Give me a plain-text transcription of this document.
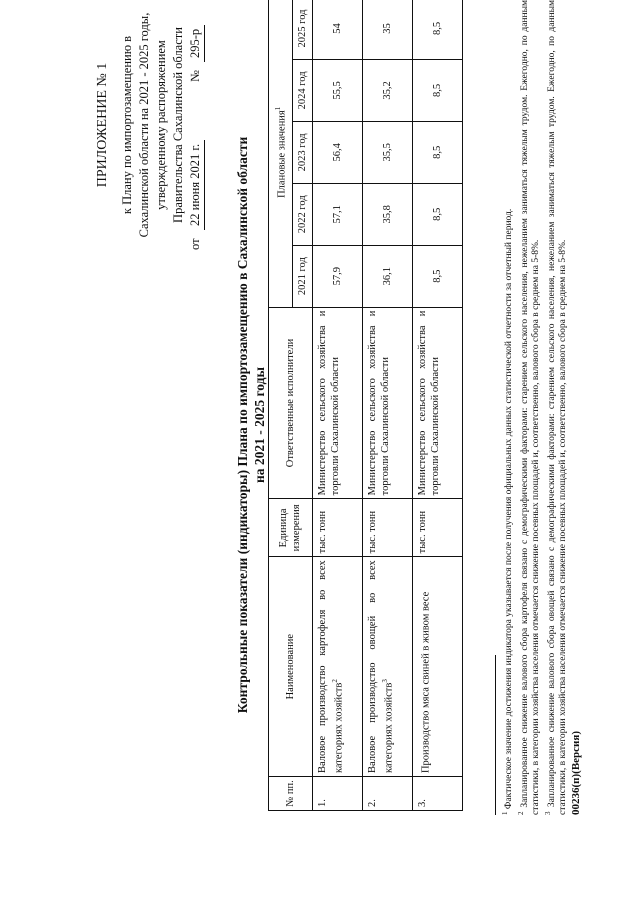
ПРИЛОЖЕНИЕ № 1 к Плану по импортозамещению в Сахалинской области на 2021 - 2025 годы, утвержденному распоряжением Правительства Сахалинской области
от
22 июня 2021 г.
№
295-р
Контрольные показатели (индикаторы) Плана по импортозамещению в Сахалинской области на 2021 - 2025 годы
№ пп.	Наименование	Единица измерения	Ответственные исполнители	Плановые значения$^1$
				2021 год	2022 год	2023 год	2024 год	2025 год
1.	Валовое производство картофеля во всех категориях хозяйств$^2$	тыс. тонн	Министерство сельского хозяйства и торговли Сахалинской области	57,9	57,1	56,4	55,5	54
2.	Валовое производство овощей во всех категориях хозяйств$^3$	тыс. тонн	Министерство сельского хозяйства и торговли Сахалинской области	36,1	35,8	35,5	35,2	35
3.	Производство мяса свиней в живом весе	тыс. тонн	Министерство сельского хозяйства и торговли Сахалинской области	8,5	8,5	8,5	8,5	8,5

$^1$ Фактическое значение достижения индикатора указывается после получения официальных данных статистической отчетности за отчетный период.

$^2$ Запланированное снижение валового сбора картофеля связано с демографическими факторами: старением сельского населения, нежеланием заниматься тяжелым трудом. Ежегодно, по данным статистики, в категории хозяйства населения отмечается снижение посевных площадей и, соответственно, валового сбора в среднем на 5-8%. $^3$ Запланированное снижение валового сбора овощей связано с демографическими факторами: старением сельского населения, нежеланием заниматься тяжелым трудом. Ежегодно, по данным статистики, в категории хозяйства населения отмечается снижение посевных площадей и, соответственно, валового сбора в среднем на 5-8%. 00236(п)(Версия)
